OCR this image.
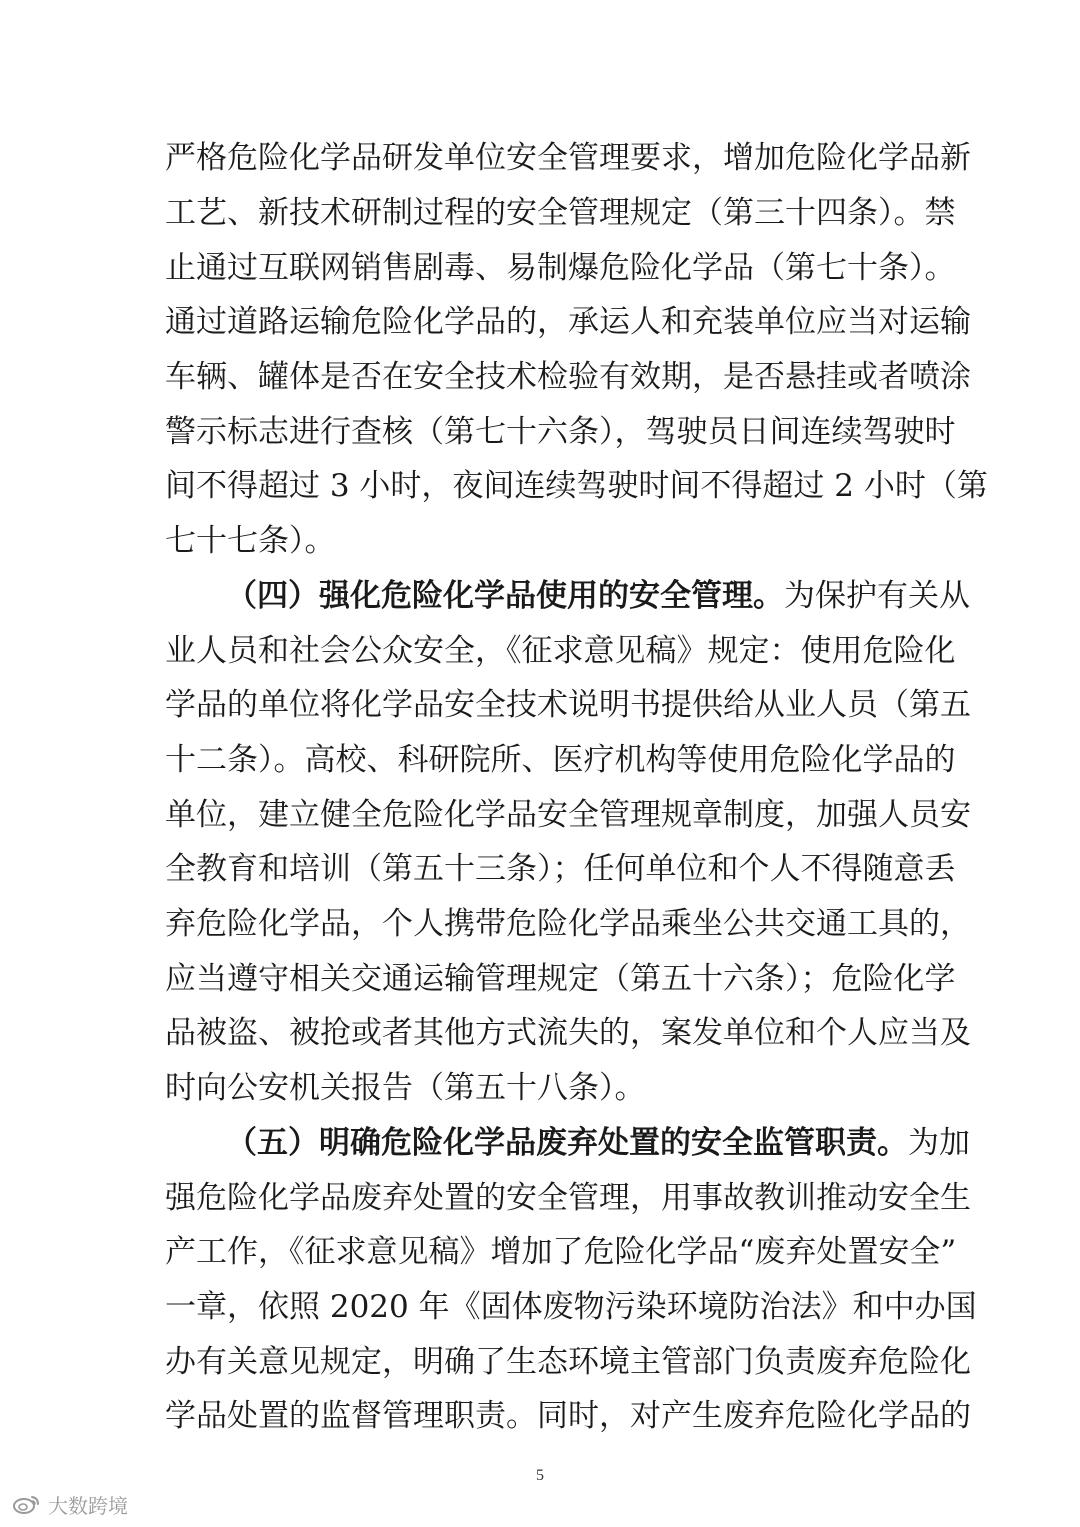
严格危险化学品研发单位安全管理要求，增加危险化学品新
工艺、新技术研制过程的安全管理规定（第三十四条）。禁
止通过互联网销售剧毒、易制爆危险化学品（第七十条）。
通过道路运输危险化学品的，承运人和充装单位应当对运输
车辆、罐体是否在安全技术检验有效期，是否悬挂或者喷涂
警示标志进行查核（第七十六条），驾驶员日间连续驾驶时
间不得超过 3 小时，夜间连续驾驶时间不得超过 2 小时（第
七十七条）。
（四）强化危险化学品使用的安全管理。为保护有关从
业人员和社会公众安全，《征求意见稿》规定：使用危险化
学品的单位将化学品安全技术说明书提供给从业人员（第五
十二条）。高校、科研院所、医疗机构等使用危险化学品的
单位，建立健全危险化学品安全管理规章制度，加强人员安
全教育和培训（第五十三条）；任何单位和个人不得随意丢
弃危险化学品，个人携带危险化学品乘坐公共交通工具的，
应当遵守相关交通运输管理规定（第五十六条）；危险化学
品被盗、被抢或者其他方式流失的，案发单位和个人应当及
时向公安机关报告（第五十八条）。
（五）明确危险化学品废弃处置的安全监管职责。为加
强危险化学品废弃处置的安全管理，用事故教训推动安全生
产工作，《征求意见稿》增加了危险化学品“废弃处置安全”
一章，依照 2020 年《固体废物污染环境防治法》和中办国
办有关意见规定，明确了生态环境主管部门负责废弃危险化
学品处置的监督管理职责。同时，对产生废弃危险化学品的
5
大数跨境
